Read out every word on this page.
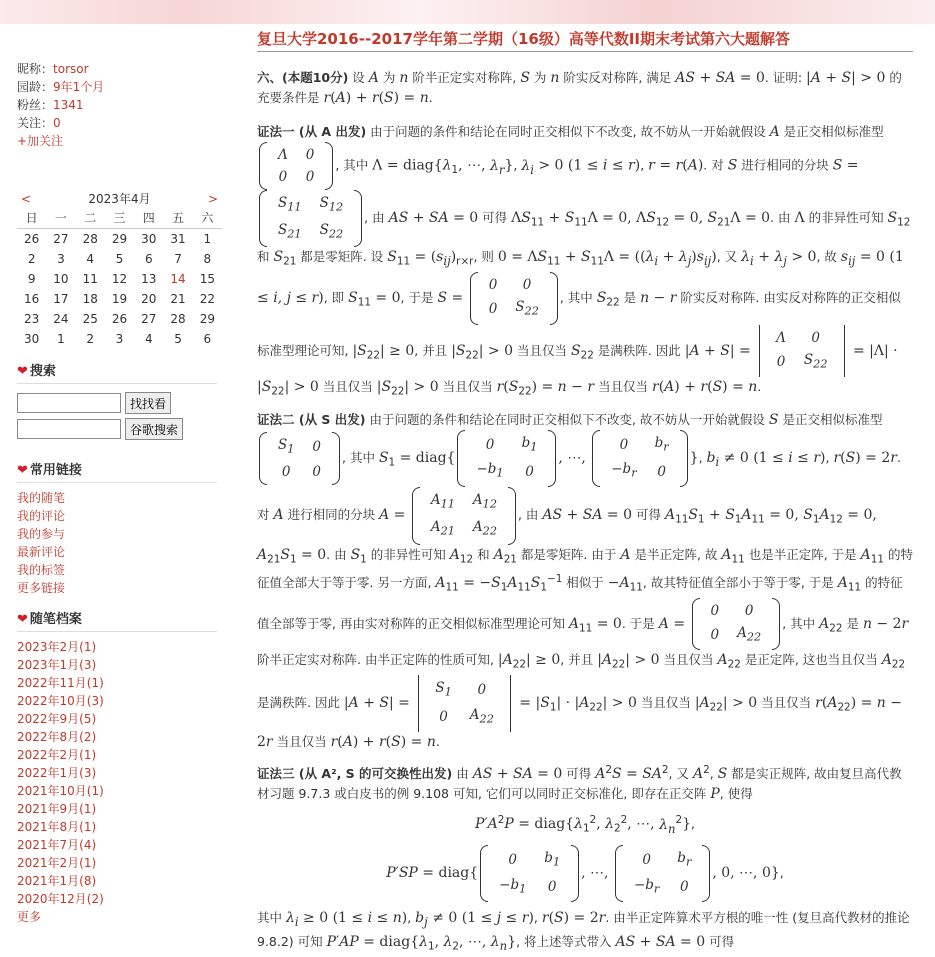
昵称：torsor
园龄：9年1个月
粉丝：1341
关注：0
+加关注
<	2023年4月	>
日	一	二	三	四	五	六
26	27	28	29	30	31	1
2	3	4	5	6	7	8
9	10	11	12	13	14	15
16	17	18	19	20	21	22
23	24	25	26	27	28	29
30	1	2	3	4	5	6
❤ 搜索
找找看
谷歌搜索
❤ 常用链接
我的随笔
我的评论
我的参与
最新评论
我的标签
更多链接
❤ 随笔档案
2023年2月(1)
2023年1月(3)
2022年11月(1)
2022年10月(3)
2022年9月(5)
2022年8月(2)
2022年2月(1)
2022年1月(3)
2021年10月(1)
2021年9月(1)
2021年8月(1)
2021年7月(4)
2021年2月(1)
2021年1月(8)
2020年12月(2)
更多
复旦大学2016--2017学年第二学期（16级）高等代数II期末考试第六大题解答
六、(本题10分) 设 A 为 n 阶半正定实对称阵, S 为 n 阶实反对称阵, 满足 AS + SA = 0. 证明: |A + S| > 0 的充要条件是 r(A) + r(S) = n.
证法一 (从 A 出发) 由于问题的条件和结论在同时正交相似下不改变, 故不妨从一开始就假设 A 是正交相似标准型
Λ	0
0	0
, 其中 $\Lambda = diag\{\lambda_1$, ⋯, $\lambda_r$}, $\lambda_i > 0$ (1 ≤ i ≤ r), r = r(A). 对 S 进行相同的分块 S =
$S_{11}$	$S_{12}$
$S_{21}$	$S_{22}$
, 由 AS + SA = 0 可得 $\Lambda S_{11} + S_{11}\Lambda = 0$, $\Lambda S_{12} = 0$, $S_{21}\Lambda = 0$. 由 Λ 的非异性可知 $S_{12}$ 和 $S_{21}$ 都是零矩阵. 设 $S_{11} = (s_{ij})_{r\times r}$, 则 $0 = \Lambda S_{11} + S_{11}\Lambda = ((\lambda_i + \lambda_j)s_{ij})$, 又 $\lambda_i + \lambda_j > 0$, 故 $s_{ij} = 0$ (1 ≤ i, j ≤ r), 即 $S_{11} = 0$, 于是 S =
0	0
0	$S_{22}$
, 其中 $S_{22}$ 是 n − r 阶实反对称阵. 由实反对称阵的正交相似标准型理论可知, $|S_{22}| \ge 0$, 并且 $|S_{22}| > 0$ 当且仅当 $S_{22}$ 是满秩阵. 因此 |A + S| =
Λ	0
0	$S_{22}$
= $|\Lambda| \cdot |S_{22}| > 0$ 当且仅当 $|S_{22}| > 0$ 当且仅当 $r(S_{22}) = n - r$ 当且仅当 r(A) + r(S) = n.
证法二 (从 S 出发) 由于问题的条件和结论在同时正交相似下不改变, 故不妨从一开始就假设 S 是正交相似标准型
$S_1$	0
0	0
, 其中 $S_1$ = diag{
0	$b_1$
$-b_1$	0
, ⋯,
0	$b_r$
$-b_r$	0
}, $b_i \ne 0$ (1 ≤ i ≤ r), r(S) = 2r. 对 A 进行相同的分块 A =
$A_{11}$	$A_{12}$
$A_{21}$	$A_{22}$
, 由 AS + SA = 0 可得 $A_{11}S_1 + S_1A_{11} = 0$, $S_1A_{12} = 0$, $A_{21}S_1 = 0$. 由 $S_1$ 的非异性可知 $A_{12}$ 和 $A_{21}$ 都是零矩阵. 由于 A 是半正定阵, 故 $A_{11}$ 也是半正定阵, 于是 $A_{11}$ 的特征值全部大于等于零. 另一方面, $A_{11} = -S_1A_{11}S_1^{-1}$ 相似于 $-A_{11}$, 故其特征值全部小于等于零, 于是 $A_{11}$ 的特征值全部等于零, 再由实对称阵的正交相似标准型理论可知 $A_{11} = 0$. 于是 A =
0	0
0	$A_{22}$
, 其中 $A_{22}$ 是 n − 2r 阶半正定实对称阵. 由半正定阵的性质可知, $|A_{22}| \ge 0$, 并且 $|A_{22}| > 0$ 当且仅当 $A_{22}$ 是正定阵, 这也当且仅当 $A_{22}$ 是满秩阵. 因此 |A + S| =
$S_1$	0
0	$A_{22}$
= $|S_1| \cdot |A_{22}| > 0$ 当且仅当 $|A_{22}| > 0$ 当且仅当 $r(A_{22}) = n - 2r$ 当且仅当 r(A) + r(S) = n.
证法三 (从 A², S 的可交换性出发) 由 AS + SA = 0 可得 $A^2S = SA^2$, 又 $A^2$, S 都是实正规阵, 故由复旦高代教材习题 9.7.3 或白皮书的例 9.108 可知, 它们可以同时正交标准化, 即存在正交阵 P, 使得
$P'A^2P$ = $diag\{\lambda_1^2$, $\lambda_2^2$, ⋯, $\lambda_n^2$},
P′SP = diag{
0	$b_1$
$-b_1$	0
, ⋯,
0	$b_r$
$-b_r$	0
, 0, ⋯, 0},
其中 $\lambda_i \ge 0$ (1 ≤ i ≤ n), $b_j \ne 0$ (1 ≤ j ≤ r), r(S) = 2r. 由半正定阵算术平方根的唯一性 (复旦高代教材的推论 9.8.2) 可知 $P'AP = diag\{\lambda_1$, $\lambda_2$, ⋯, $\lambda_n$}, 将上述等式带入 AS + SA = 0 可得
